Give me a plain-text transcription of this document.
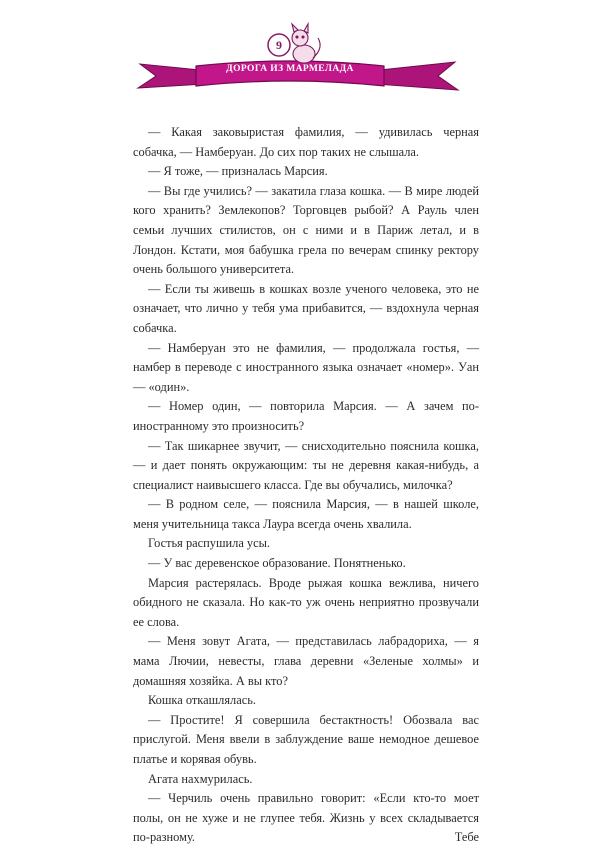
9
ДОРОГА ИЗ МАРМЕЛАДА

— Какая заковыристая фамилия, — удивилась черная собачка, — Намберуан. До сих пор таких не слышала.

— Я тоже, — призналась Марсия.

— Вы где учились? — закатила глаза кошка. — В мире людей кого хранить? Землекопов? Торговцев рыбой? А Рауль член семьи лучших стилистов, он с ними и в Париж летал, и в Лондон. Кстати, моя бабушка грела по вечерам спинку ректору очень большого университета.

— Если ты живешь в кошках возле ученого человека, это не означает, что лично у тебя ума прибавится, — вздохнула черная собачка.

— Намберуан это не фамилия, — продолжала гостья, — намбер в переводе с иностранного языка означает «номер». Уан — «один».

— Номер один, — повторила Марсия. — А зачем по-иностранному это произносить?

— Так шикарнее звучит, — снисходительно пояснила кошка, — и дает понять окружающим: ты не деревня какая-нибудь, а специалист наивысшего класса. Где вы обучались, милочка?

— В родном селе, — пояснила Марсия, — в нашей школе, меня учительница такса Лаура всегда очень хвалила.

Гостья распушила усы.

— У вас деревенское образование. Понятненько.

Марсия растерялась. Вроде рыжая кошка вежлива, ничего обидного не сказала. Но как-то уж очень неприятно прозвучали ее слова.

— Меня зовут Агата, — представилась лабрадориха, — я мама Лючии, невесты, глава деревни «Зеленые холмы» и домашняя хозяйка. А вы кто?

Кошка откашлялась.

— Простите! Я совершила бестактность! Обозвала вас прислугой. Меня ввели в заблуждение ваше немодное дешевое платье и корявая обувь.

Агата нахмурилась.

— Черчиль очень правильно говорит: «Если кто-то моет полы, он не хуже и не глупее тебя. Жизнь у всех складывается по-разному. Тебе
